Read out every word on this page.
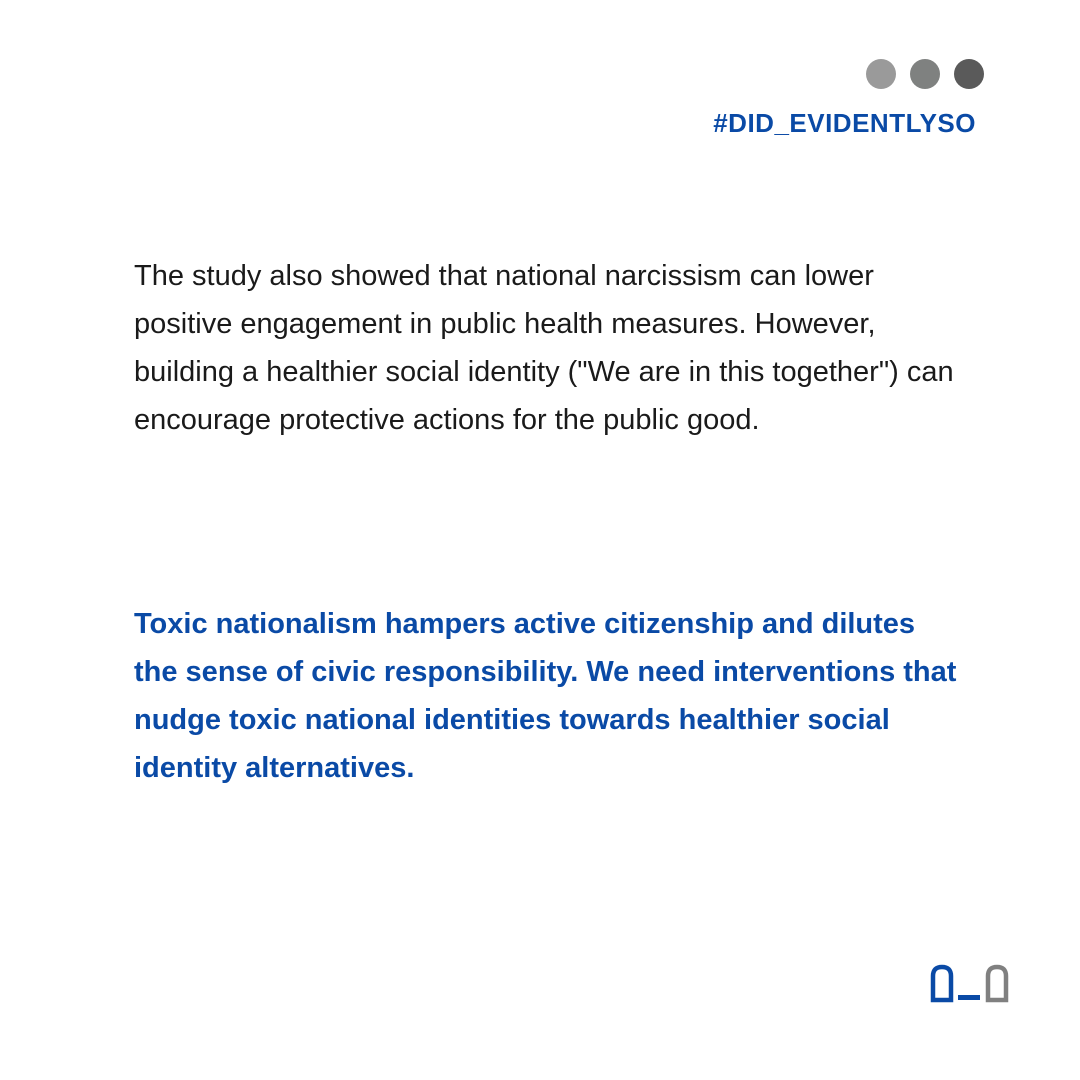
#DID_EVIDENTLYSO

The study also showed that national narcissism can lower positive engagement in public health measures. However, building a healthier social identity ("We are in this together") can encourage protective actions for the public good.

Toxic nationalism hampers active citizenship and dilutes the sense of civic responsibility. We need interventions that nudge toxic national identities towards healthier social identity alternatives.
